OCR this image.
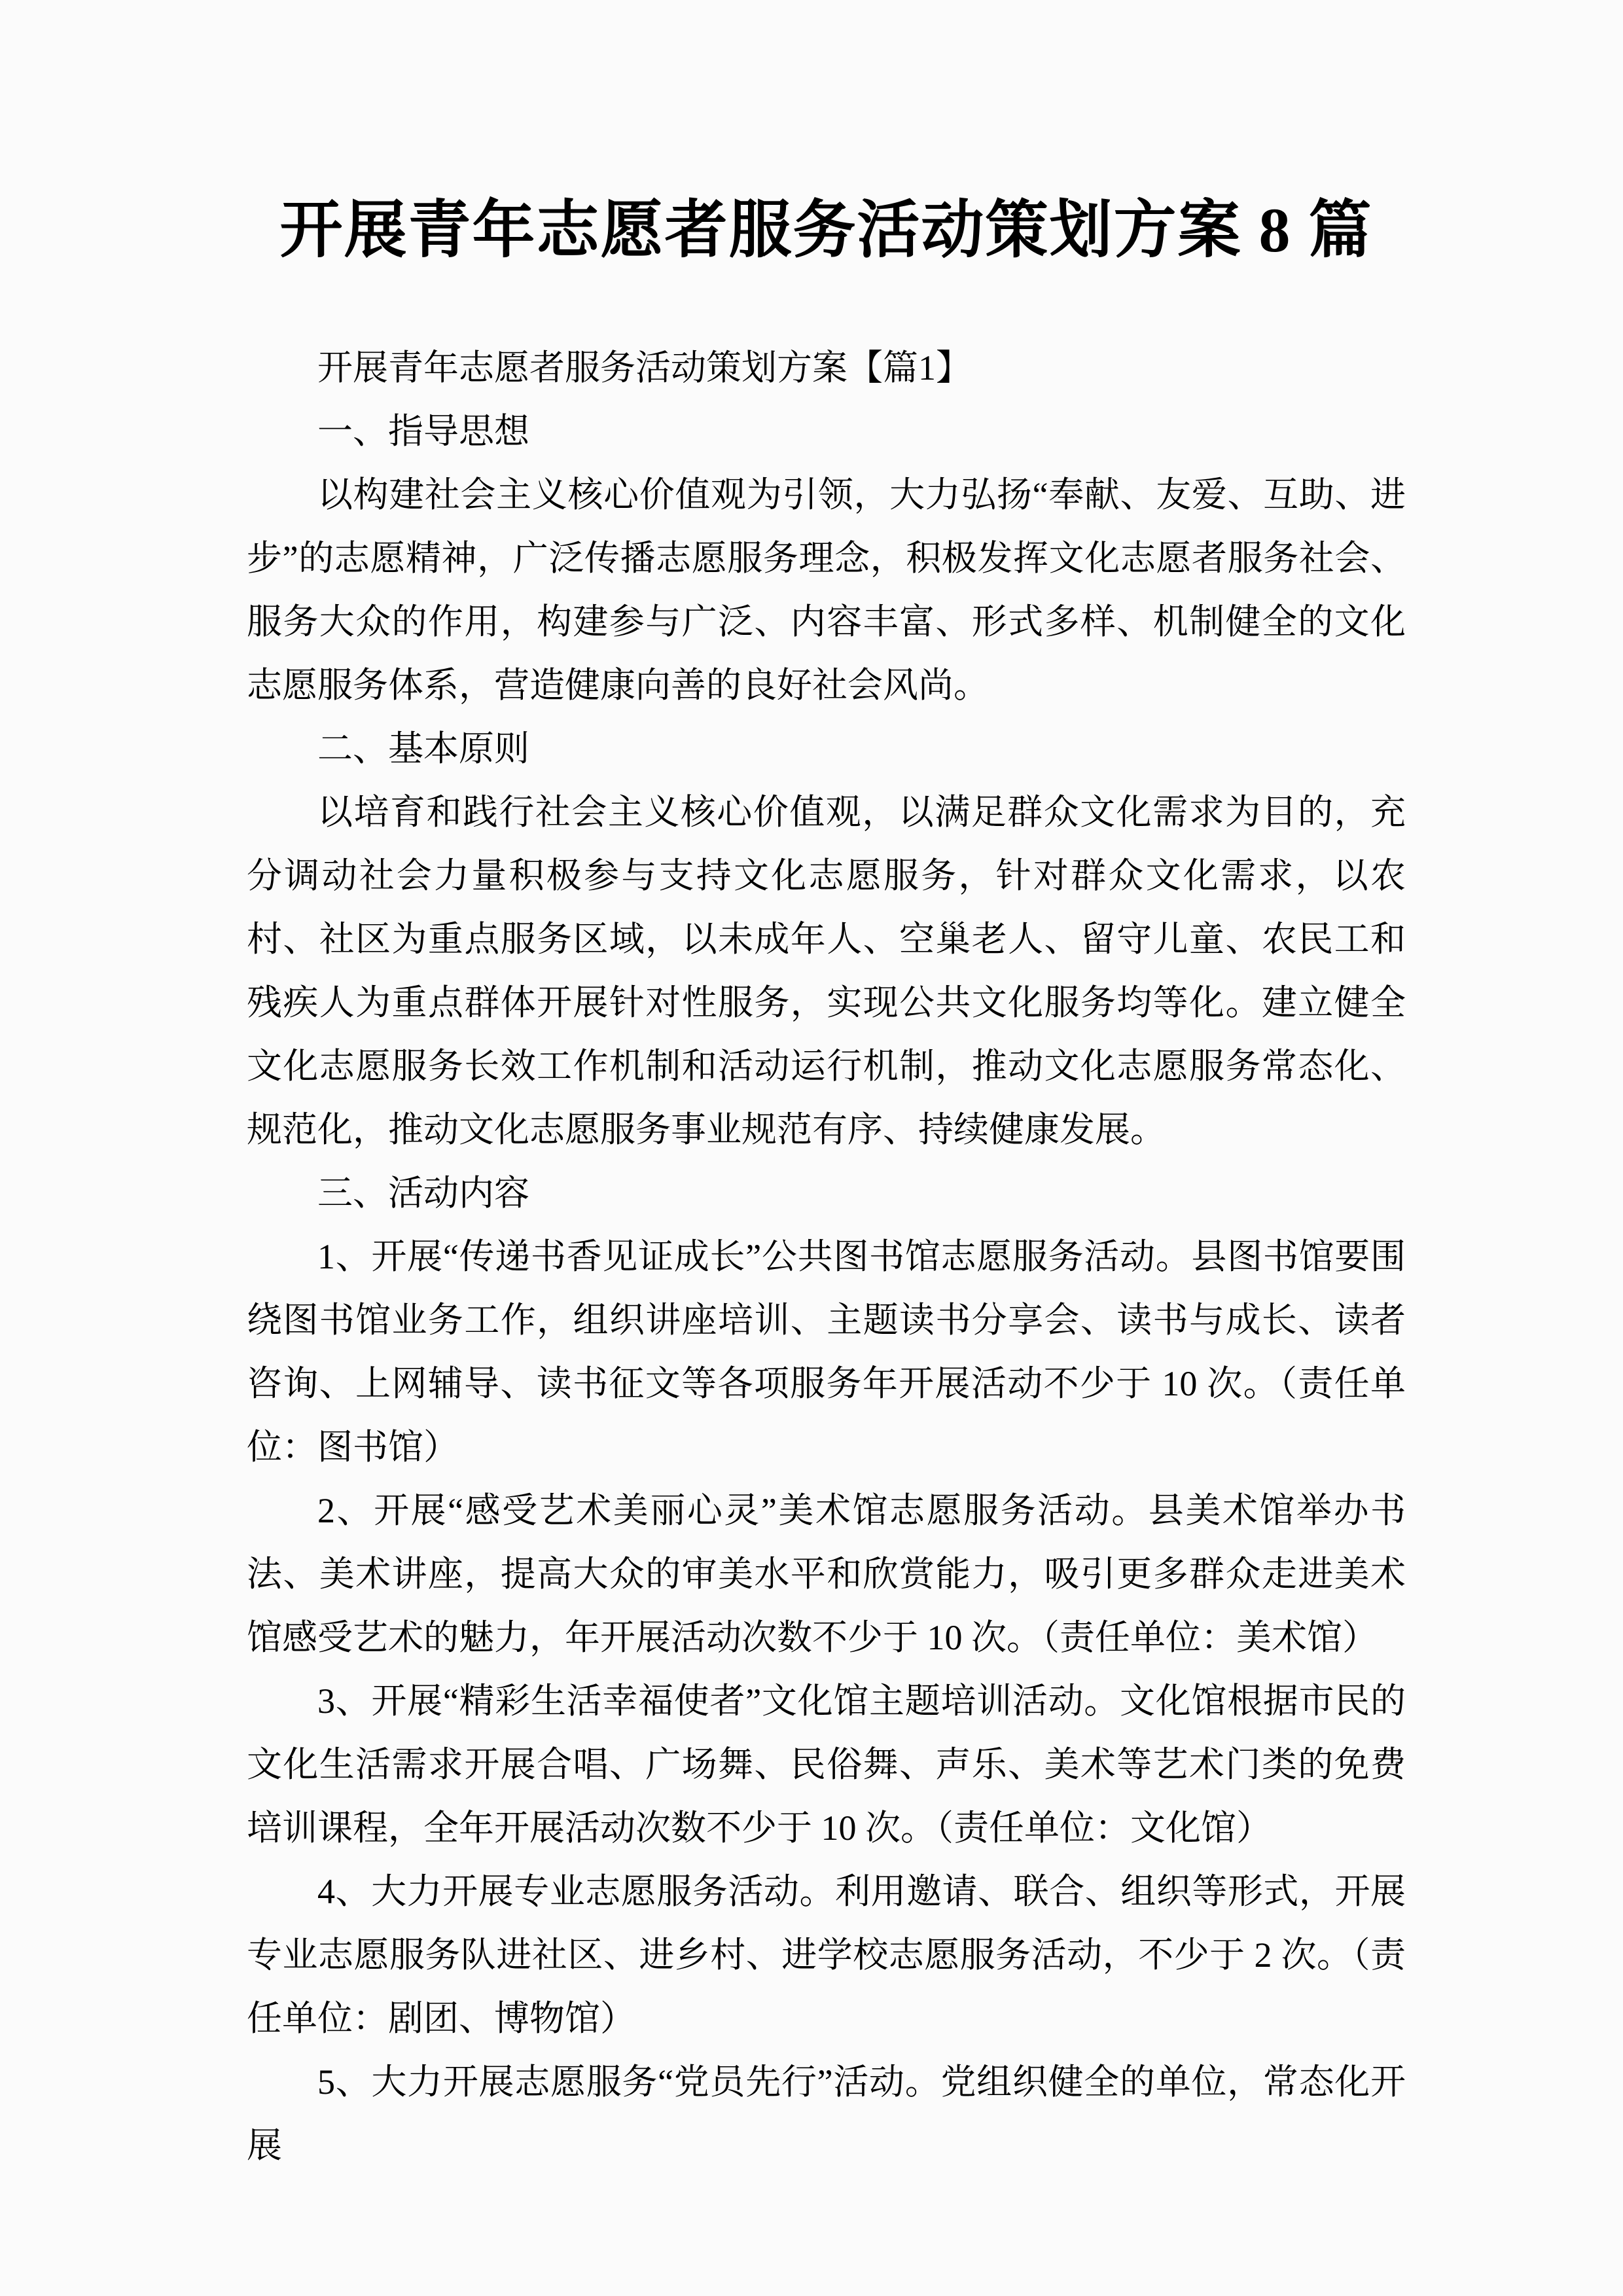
开展青年志愿者服务活动策划方案 8 篇

开展青年志愿者服务活动策划方案【篇1】

一、指导思想

以构建社会主义核心价值观为引领，大力弘扬“奉献、友爱、互助、进步”的志愿精神，广泛传播志愿服务理念，积极发挥文化志愿者服务社会、服务大众的作用，构建参与广泛、内容丰富、形式多样、机制健全的文化志愿服务体系，营造健康向善的良好社会风尚。

二、基本原则

以培育和践行社会主义核心价值观，以满足群众文化需求为目的，充分调动社会力量积极参与支持文化志愿服务，针对群众文化需求，以农村、社区为重点服务区域，以未成年人、空巢老人、留守儿童、农民工和残疾人为重点群体开展针对性服务，实现公共文化服务均等化。建立健全文化志愿服务长效工作机制和活动运行机制，推动文化志愿服务常态化、规范化，推动文化志愿服务事业规范有序、持续健康发展。

三、活动内容

1、开展“传递书香见证成长”公共图书馆志愿服务活动。县图书馆要围绕图书馆业务工作，组织讲座培训、主题读书分享会、读书与成长、读者咨询、上网辅导、读书征文等各项服务年开展活动不少于 10 次。（责任单位：图书馆）

2、开展“感受艺术美丽心灵”美术馆志愿服务活动。县美术馆举办书法、美术讲座，提高大众的审美水平和欣赏能力，吸引更多群众走进美术馆感受艺术的魅力，年开展活动次数不少于 10 次。（责任单位：美术馆）

3、开展“精彩生活幸福使者”文化馆主题培训活动。文化馆根据市民的文化生活需求开展合唱、广场舞、民俗舞、声乐、美术等艺术门类的免费培训课程，全年开展活动次数不少于 10 次。（责任单位：文化馆）

4、大力开展专业志愿服务活动。利用邀请、联合、组织等形式，开展专业志愿服务队进社区、进乡村、进学校志愿服务活动，不少于 2 次。（责任单位：剧团、博物馆）

5、大力开展志愿服务“党员先行”活动。党组织健全的单位，常态化开展
